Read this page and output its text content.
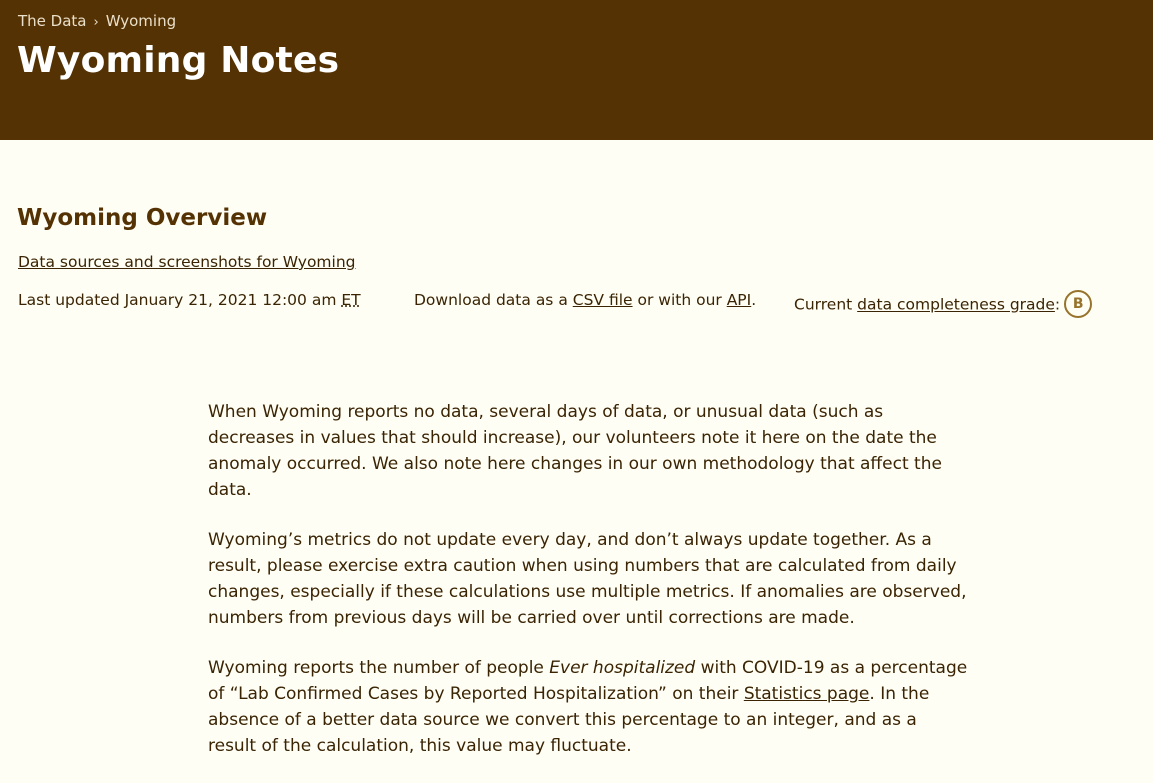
The Data › Wyoming
Wyoming Notes
Wyoming Overview
Data sources and screenshots for Wyoming
Last updated January 21, 2021 12:00 am ET	Download data as a CSV file or with our API. Current data completeness grade: B

When Wyoming reports no data, several days of data, or unusual data (such as decreases in values that should increase), our volunteers note it here on the date the anomaly occurred. We also note here changes in our own methodology that affect the data.

Wyoming’s metrics do not update every day, and don’t always update together. As a result, please exercise extra caution when using numbers that are calculated from daily changes, especially if these calculations use multiple metrics. If anomalies are observed, numbers from previous days will be carried over until corrections are made.

Wyoming reports the number of people Ever hospitalized with COVID-19 as a percentage of “Lab Confirmed Cases by Reported Hospitalization” on their Statistics page. In the absence of a better data source we convert this percentage to an integer, and as a result of the calculation, this value may fluctuate.
